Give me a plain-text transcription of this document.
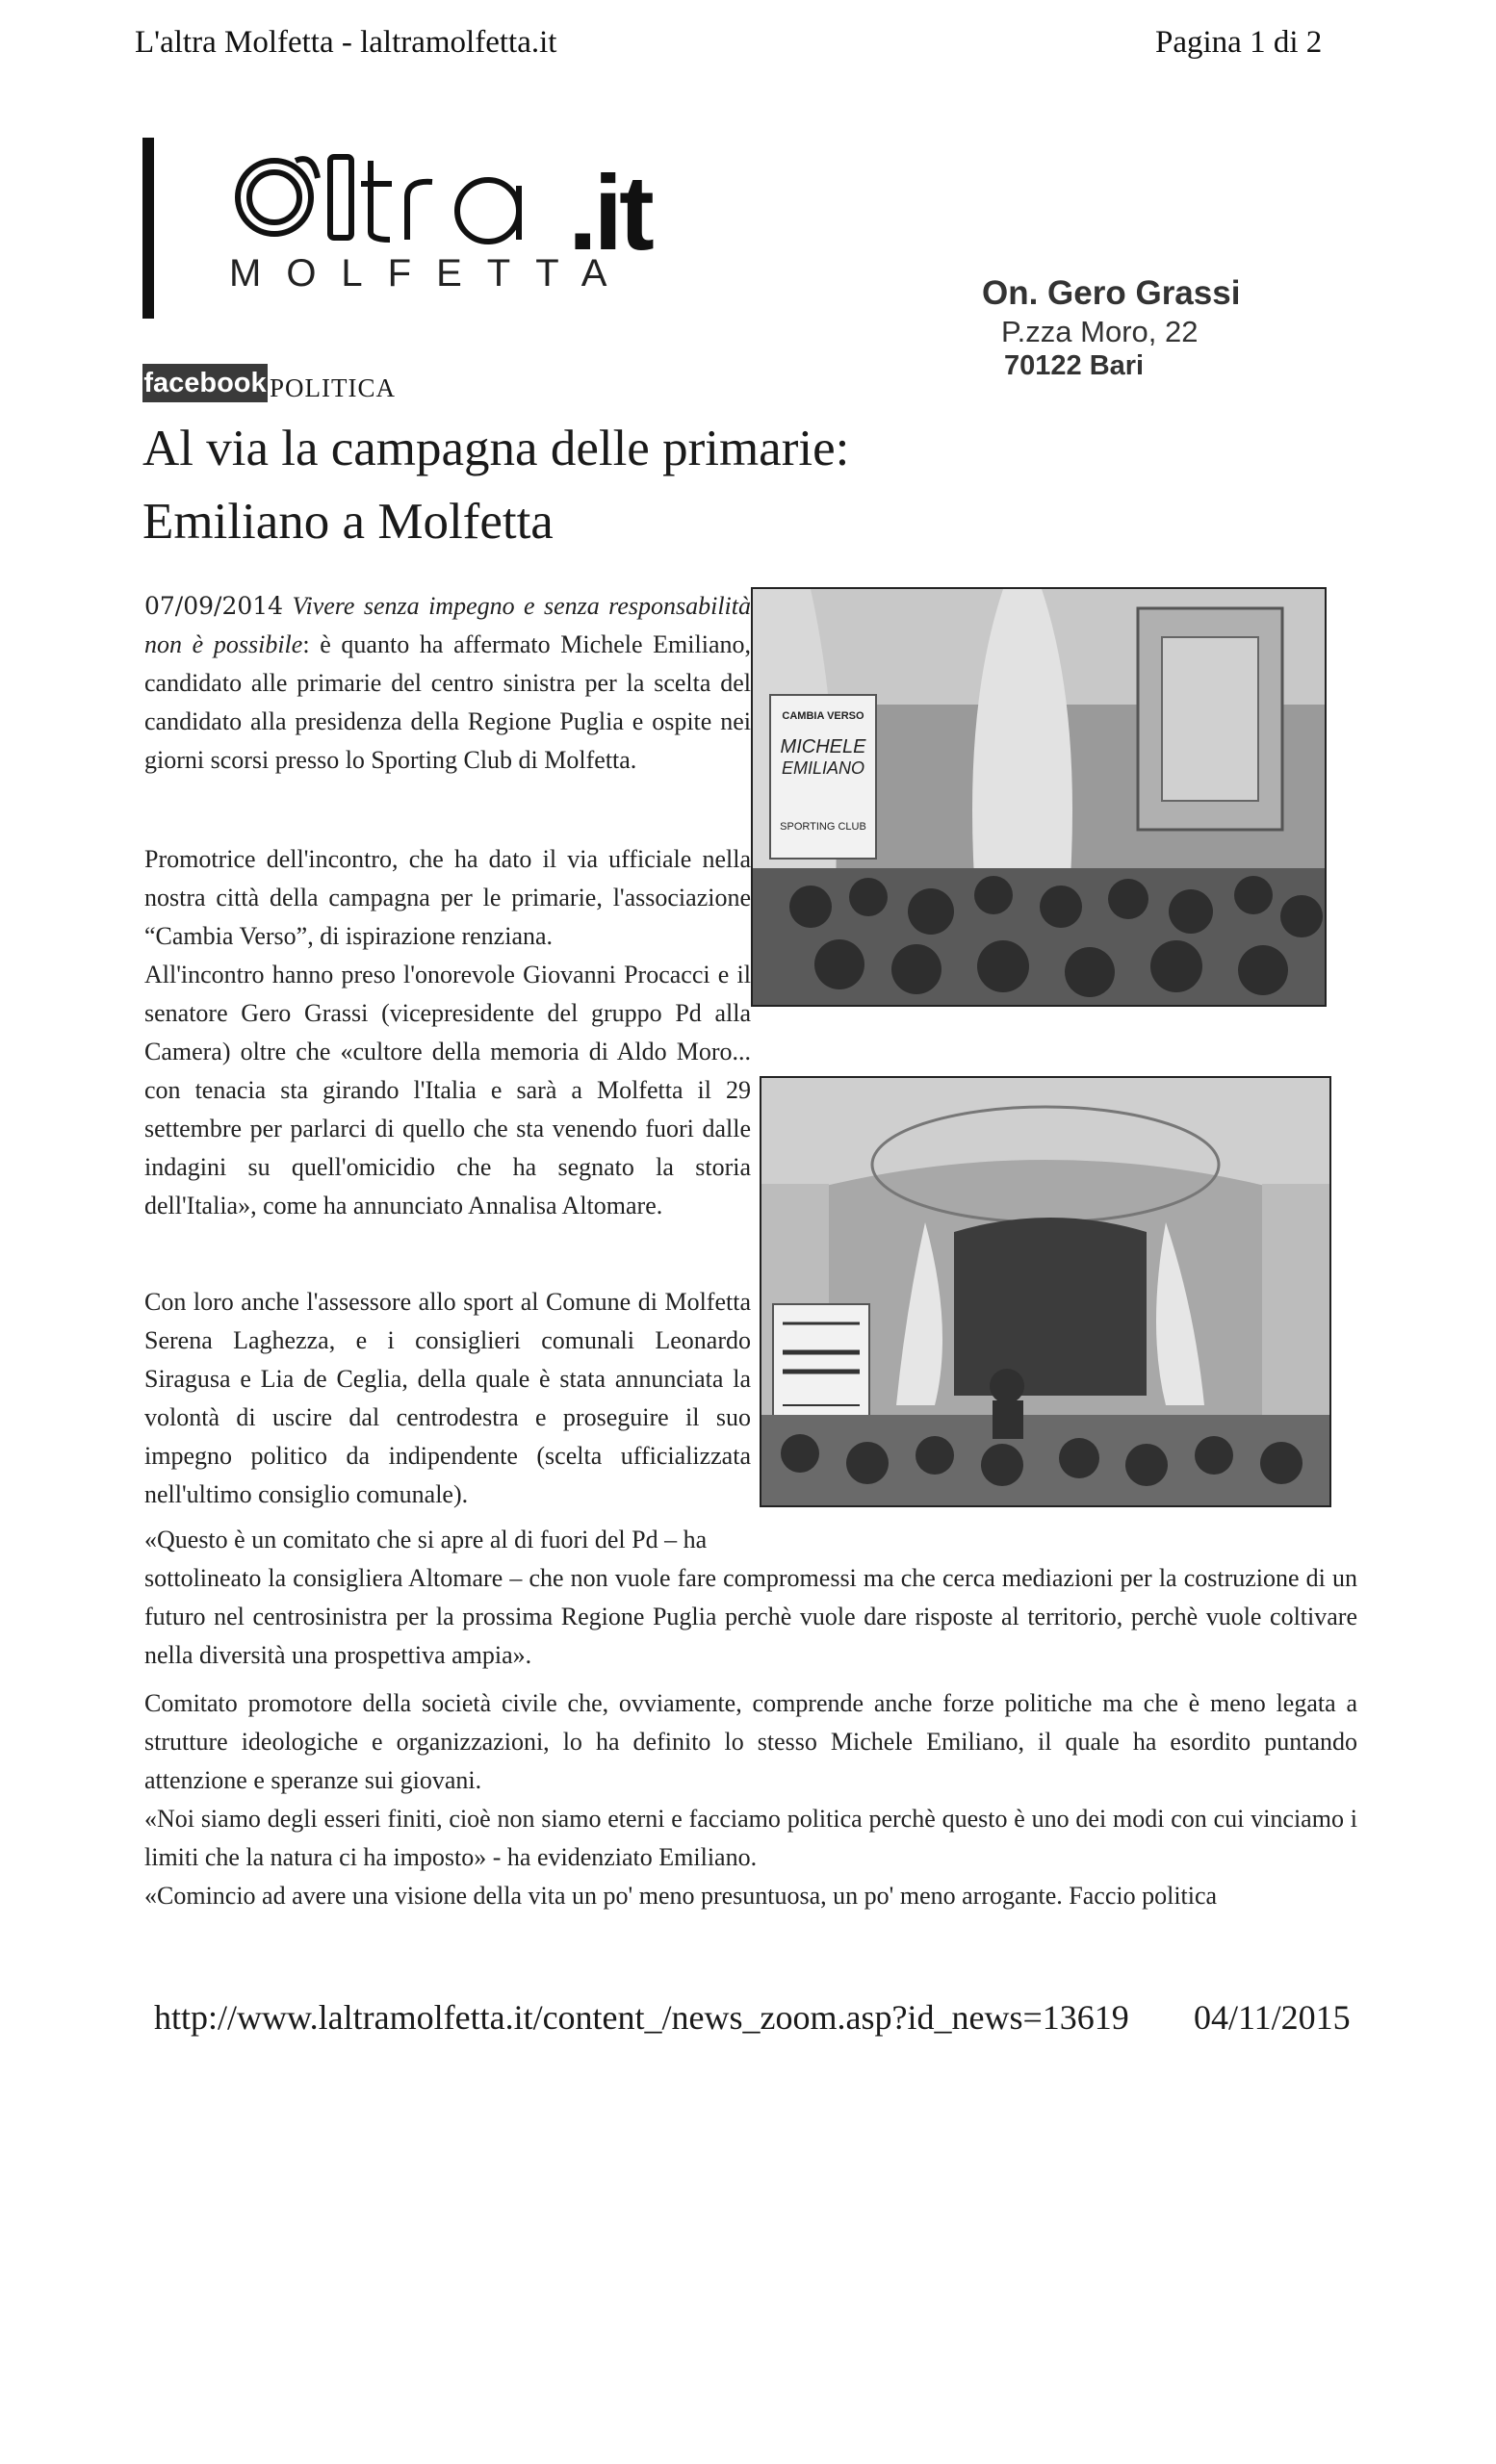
L'altra Molfetta - laltramolfetta.it	Pagina 1 di 2
MOLFETTA
.it
On. Gero Grassi
P.zza Moro, 22
70122 Bari
facebook POLITICA
Al via la campagna delle primarie:
Emiliano a Molfetta
07/09/2014 Vivere senza impegno e senza responsabilità non è possibile: è quanto ha affermato Michele Emiliano, candidato alle primarie del centro sinistra per la scelta del candidato alla presidenza della Regione Puglia e ospite nei giorni scorsi presso lo Sporting Club di Molfetta.
Promotrice dell'incontro, che ha dato il via ufficiale nella nostra città della campagna per le primarie, l'associazione “Cambia Verso”, di ispirazione renziana.
All'incontro hanno preso l'onorevole Giovanni Procacci e il senatore Gero Grassi (vicepresidente del gruppo Pd alla Camera) oltre che «cultore della memoria di Aldo Moro... con tenacia sta girando l'Italia e sarà a Molfetta il 29 settembre per parlarci di quello che sta venendo fuori dalle indagini su quell'omicidio che ha segnato la storia dell'Italia», come ha annunciato Annalisa Altomare.
Con loro anche l'assessore allo sport al Comune di Molfetta Serena Laghezza, e i consiglieri comunali Leonardo Siragusa e Lia de Ceglia, della quale è stata annunciata la volontà di uscire dal centrodestra e proseguire il suo impegno politico da indipendente (scelta ufficializzata nell'ultimo consiglio comunale).
«Questo è un comitato che si apre al di fuori del Pd – ha
sottolineato la consigliera Altomare – che non vuole fare compromessi ma che cerca mediazioni per la costruzione di un futuro nel centrosinistra per la prossima Regione Puglia perchè vuole dare risposte al territorio, perchè vuole coltivare nella diversità una prospettiva ampia».
Comitato promotore della società civile che, ovviamente, comprende anche forze politiche ma che è meno legata a strutture ideologiche e organizzazioni, lo ha definito lo stesso Michele Emiliano, il quale ha esordito puntando attenzione e speranze sui giovani.
«Noi siamo degli esseri finiti, cioè non siamo eterni e facciamo politica perchè questo è uno dei modi con cui vinciamo i limiti che la natura ci ha imposto» - ha evidenziato Emiliano.
«Comincio ad avere una visione della vita un po' meno presuntuosa, un po' meno arrogante. Faccio politica
CAMBIA VERSO
MICHELE
EMILIANO
SPORTING CLUB
http://www.laltramolfetta.it/content_/news_zoom.asp?id_news=13619 04/11/2015
